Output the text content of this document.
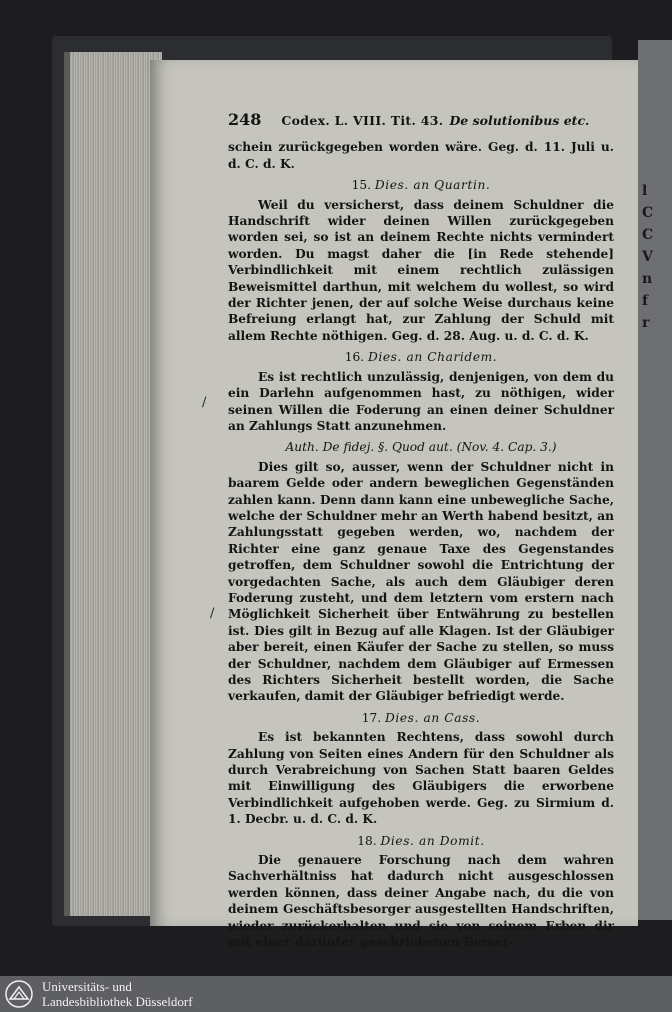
l
C
C
V
n
f
r
/
/
248 Codex. L. VIII. Tit. 43. De solutionibus etc.

schein zurückgegeben worden wäre. Geg. d. 11. Juli u. d. C. d. K.

15. Dies. an Quartin.

Weil du versicherst, dass deinem Schuldner die Handschrift wider deinen Willen zurückgegeben worden sei, so ist an deinem Rechte nichts vermindert worden. Du magst daher die [in Rede stehende] Verbindlichkeit mit einem rechtlich zulässigen Beweismittel darthun, mit welchem du wollest, so wird der Richter jenen, der auf solche Weise durchaus keine Befreiung erlangt hat, zur Zahlung der Schuld mit allem Rechte nöthigen. Geg. d. 28. Aug. u. d. C. d. K.

16. Dies. an Charidem.

Es ist rechtlich unzulässig, denjenigen, von dem du ein Darlehn aufgenommen hast, zu nöthigen, wider seinen Willen die Foderung an einen deiner Schuldner an Zahlungs Statt anzunehmen.

Auth. De fidej. §. Quod aut. (Nov. 4. Cap. 3.)

Dies gilt so, ausser, wenn der Schuldner nicht in baarem Gelde oder andern beweglichen Gegenständen zahlen kann. Denn dann kann eine unbewegliche Sache, welche der Schuldner mehr an Werth habend besitzt, an Zahlungsstatt gegeben werden, wo, nachdem der Richter eine ganz genaue Taxe des Gegenstandes getroffen, dem Schuldner sowohl die Entrichtung der vorgedachten Sache, als auch dem Gläubiger deren Foderung zusteht, und dem letztern vom erstern nach Möglichkeit Sicherheit über Entwährung zu bestellen ist. Dies gilt in Bezug auf alle Klagen. Ist der Gläubiger aber bereit, einen Käufer der Sache zu stellen, so muss der Schuldner, nachdem dem Gläubiger auf Ermessen des Richters Sicherheit bestellt worden, die Sache verkaufen, damit der Gläubiger befriedigt werde.

17. Dies. an Cass.

Es ist bekannten Rechtens, dass sowohl durch Zahlung von Seiten eines Andern für den Schuldner als durch Verabreichung von Sachen Statt baaren Geldes mit Einwilligung des Gläubigers die erworbene Verbindlichkeit aufgehoben werde. Geg. zu Sirmium d. 1. Decbr. u. d. C. d. K.

18. Dies. an Domit.

Die genauere Forschung nach dem wahren Sachverhältniss hat dadurch nicht ausgeschlossen werden können, dass deiner Angabe nach, du die von deinem Geschäftsbesorger ausgestellten Handschriften, wieder zurückerhalten und sie von seinem Erben dir mit einer darunter geschriebenen Bemer-

Universitäts- und
Landesbibliothek Düsseldorf
